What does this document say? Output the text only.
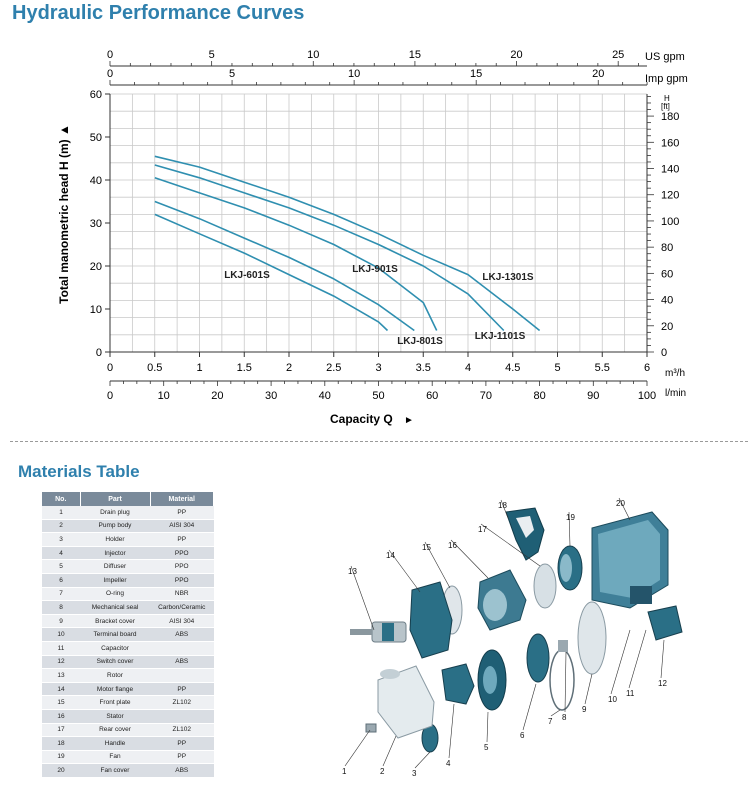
Hydraulic Performance Curves
0
10
20
30
40
50
60
0
20
40
60
80
100
120
140
160
180
H
[ft]
0	0.5	1	1.5	2	2.5	3	3.5	4	4.5	5	5.5	6 m³/h
0	10	20	30	40	50	60	70	80	90	100 l/min
0	5	10	15	20	25 US gpm
0	5	10	15	20	Imp gpm
Total manometric head H (m) ▲
Capacity Q ►
LKJ-601S
LKJ-801S
LKJ-901S
LKJ-1101S
LKJ-1301S
Materials Table
No.	Part	Material
1	Drain plug	PP
2	Pump body	AISI 304
3	Holder	PP
4	Injector	PPO
5	Diffuser	PPO
6	Impeller	PPO
7	O-ring	NBR
8	Mechanical seal	Carbon/Ceramic
9	Bracket cover	AISI 304
10	Terminal board	ABS
11	Capacitor	
12	Switch cover	ABS
13	Rotor	
14	Motor flange	PP
15	Front plate	ZL102
16	Stator	
17	Rear cover	ZL102
18	Handle	PP
19	Fan	PP
20	Fan cover	ABS	1	2	3
4
5
6
7 8
9
10
11
12
13
14
15 16
17
18
19
20
